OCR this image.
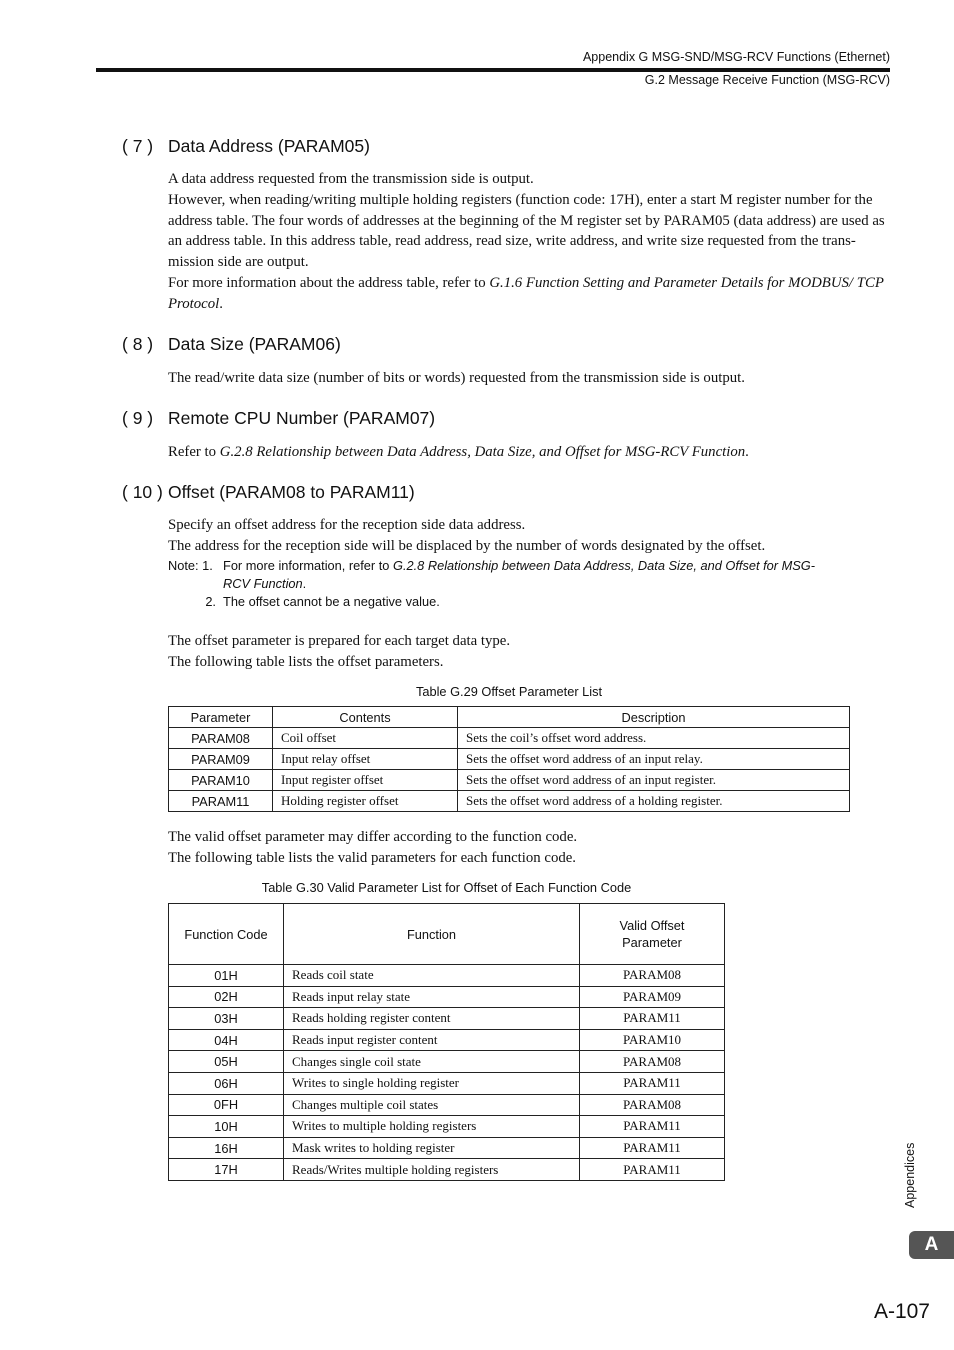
Appendix G MSG-SND/MSG-RCV Functions (Ethernet)
G.2 Message Receive Function (MSG-RCV)
( 7 ) Data Address (PARAM05)

A data address requested from the transmission side is output.

However, when reading/writing multiple holding registers (function code: 17H), enter a start M register number for the address table. The four words of addresses at the beginning of the M register set by PARAM05 (data address) are used as an address table. In this address table, read address, read size, write address, and write size requested from the trans-mission side are output.

For more information about the address table, refer to G.1.6 Function Setting and Parameter Details for MODBUS/ TCP Protocol.

( 8 ) Data Size (PARAM06)
The read/write data size (number of bits or words) requested from the transmission side is output.
( 9 ) Remote CPU Number (PARAM07)
Refer to G.2.8 Relationship between Data Address, Data Size, and Offset for MSG-RCV Function.
( 10 ) Offset (PARAM08 to PARAM11)

Specify an offset address for the reception side data address.

The address for the reception side will be displaced by the number of words designated by the offset.

Note: 1. For more information, refer to G.2.8 Relationship between Data Address, Data Size, and Offset for MSG-RCV Function.
2. The offset cannot be a negative value.

The offset parameter is prepared for each target data type.

The following table lists the offset parameters.

Table G.29 Offset Parameter List
Parameter	Contents	Description
PARAM08	Coil offset	Sets the coil’s offset word address.
PARAM09	Input relay offset	Sets the offset word address of an input relay.
PARAM10	Input register offset	Sets the offset word address of an input register.
PARAM11	Holding register offset	Sets the offset word address of a holding register.

The valid offset parameter may differ according to the function code.

The following table lists the valid parameters for each function code.

Table G.30 Valid Parameter List for Offset of Each Function Code
Function Code	Function	Valid Offset Parameter
01H	Reads coil state	PARAM08
02H	Reads input relay state	PARAM09
03H	Reads holding register content	PARAM11
04H	Reads input register content	PARAM10
05H	Changes single coil state	PARAM08
06H	Writes to single holding register	PARAM11
0FH	Changes multiple coil states	PARAM08
10H	Writes to multiple holding registers	PARAM11
16H	Mask writes to holding register	PARAM11
17H	Reads/Writes multiple holding registers	PARAM11	Appendices
A
A-107
